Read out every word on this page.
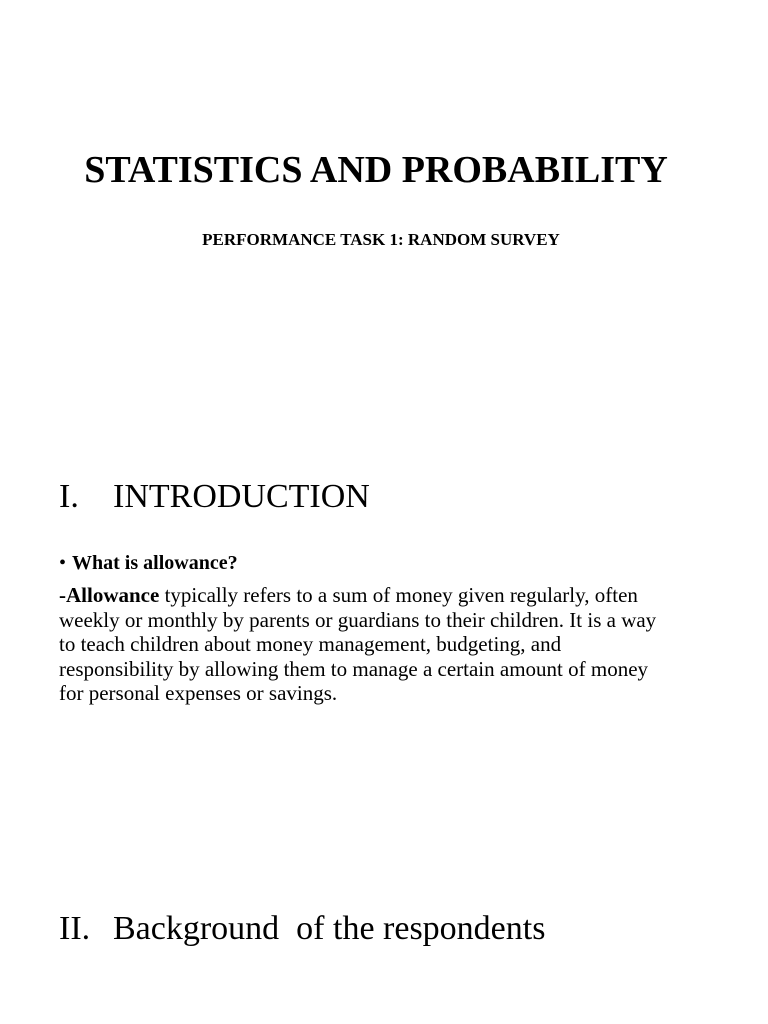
STATISTICS AND PROBABILITY
PERFORMANCE TASK 1: RANDOM SURVEY
I. INTRODUCTION
• What is allowance?
-Allowance typically refers to a sum of money given regularly, often
weekly or monthly by parents or guardians to their children. It is a way
to teach children about money management, budgeting, and
responsibility by allowing them to manage a certain amount of money
for personal expenses or savings.
II. Background  of the respondents
